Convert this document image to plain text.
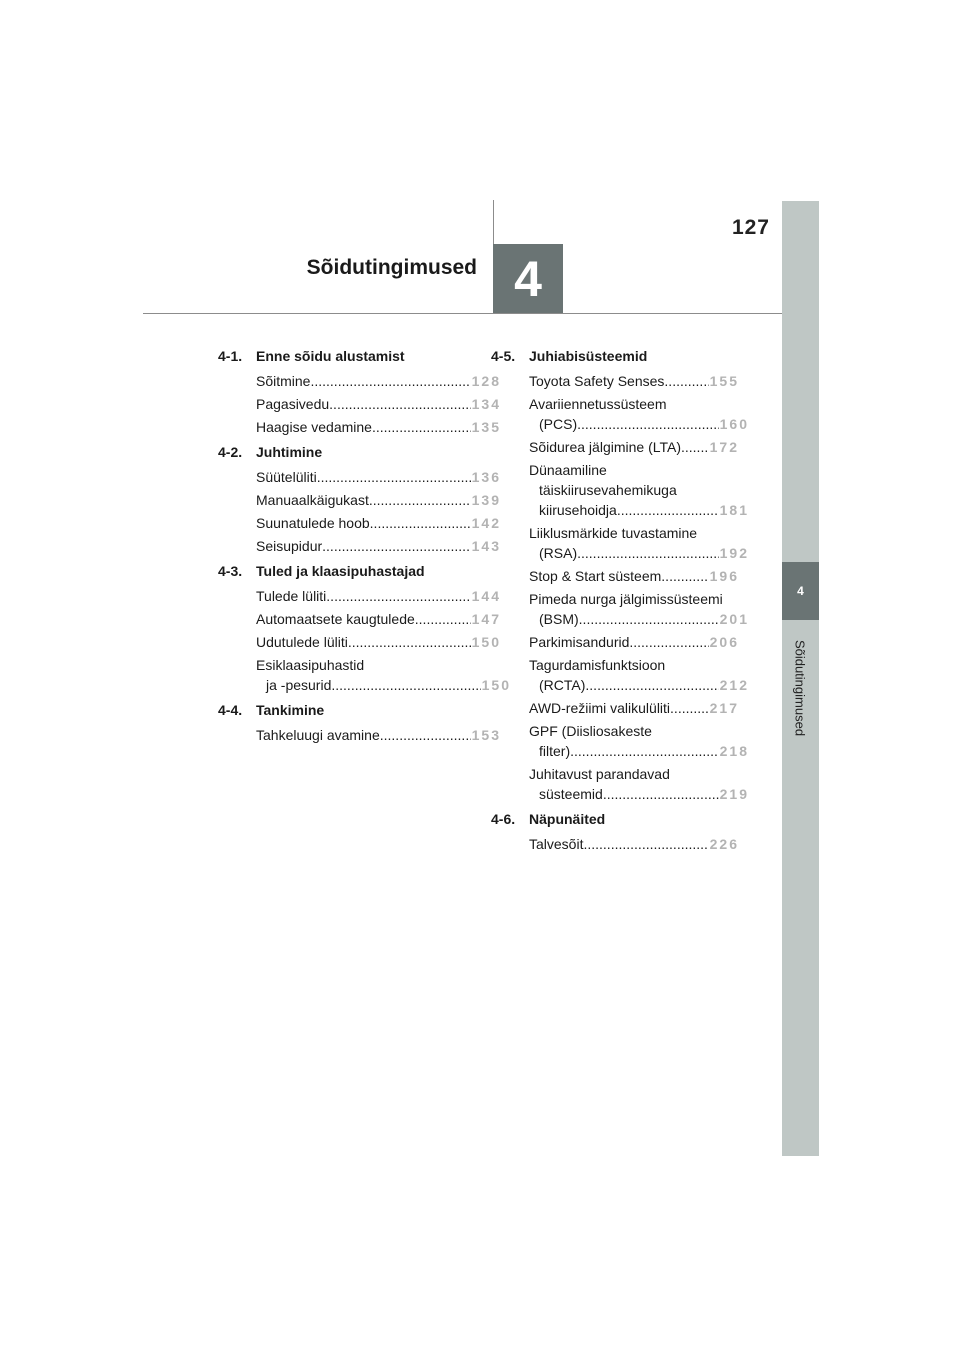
127
Sõidutingimused 4
4
Sõidutingimused
4-1. Enne sõidu alustamist
Sõitmine .....	128
Pagasivedu .....	134
Haagise vedamine .....	135
4-2. Juhtimine
Süütelüliti .....	136
Manuaalkäigukast .....	139
Suunatulede hoob .....	142
Seisupidur .....	143
4-3. Tuled ja klaasipuhastajad
Tulede lüliti .....	144
Automaatsete kaugtulede .....	147
Udutulede lüliti .....	150
Esiklaasipuhastid
ja -pesurid .....	150
4-4. Tankimine
Tahkeluugi avamine .....	153
4-5. Juhiabisüsteemid
Toyota Safety Senses .....	155
Avariiennetussüsteem
(PCS) .....	160
Sõidurea jälgimine (LTA) ..... 172
Dünaamiline
täiskiirusevahemikuga
kiirusehoidja .....	181
Liiklusmärkide tuvastamine
(RSA) .....	192
Stop & Start süsteem .....	196
Pimeda nurga jälgimissüsteemi
(BSM) .....	201
Parkimisandurid .....	206
Tagurdamisfunktsioon
(RCTA) .....	212
AWD-režiimi valikulüliti .....	217
GPF (Diisliosakeste
filter) .....	218
Juhitavust parandavad
süsteemid .....	219
4-6. Näpunäited
Talvesõit .....	226
